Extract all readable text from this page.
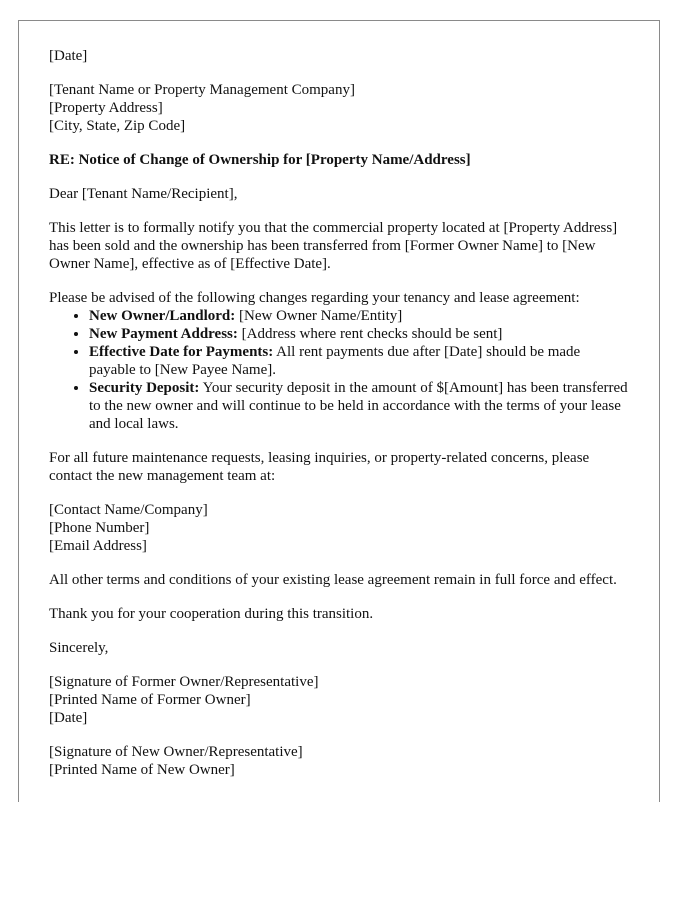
[Date]

[Tenant Name or Property Management Company]
[Property Address]
[City, State, Zip Code]

RE: Notice of Change of Ownership for [Property Name/Address]

Dear [Tenant Name/Recipient],

This letter is to formally notify you that the commercial property located at [Property Address] has been sold and the ownership has been transferred from [Former Owner Name] to [New Owner Name], effective as of [Effective Date].

Please be advised of the following changes regarding your tenancy and lease agreement:

• New Owner/Landlord: [New Owner Name/Entity]
• New Payment Address: [Address where rent checks should be sent]
• Effective Date for Payments: All rent payments due after [Date] should be made payable to [New Payee Name].
• Security Deposit: Your security deposit in the amount of $[Amount] has been transferred to the new owner and will continue to be held in accordance with the terms of your lease and local laws.

For all future maintenance requests, leasing inquiries, or property-related concerns, please contact the new management team at:

[Contact Name/Company]
[Phone Number]
[Email Address]

All other terms and conditions of your existing lease agreement remain in full force and effect.

Thank you for your cooperation during this transition.

Sincerely,

[Signature of Former Owner/Representative]
[Printed Name of Former Owner]
[Date]
[Signature of New Owner/Representative]
[Printed Name of New Owner]
